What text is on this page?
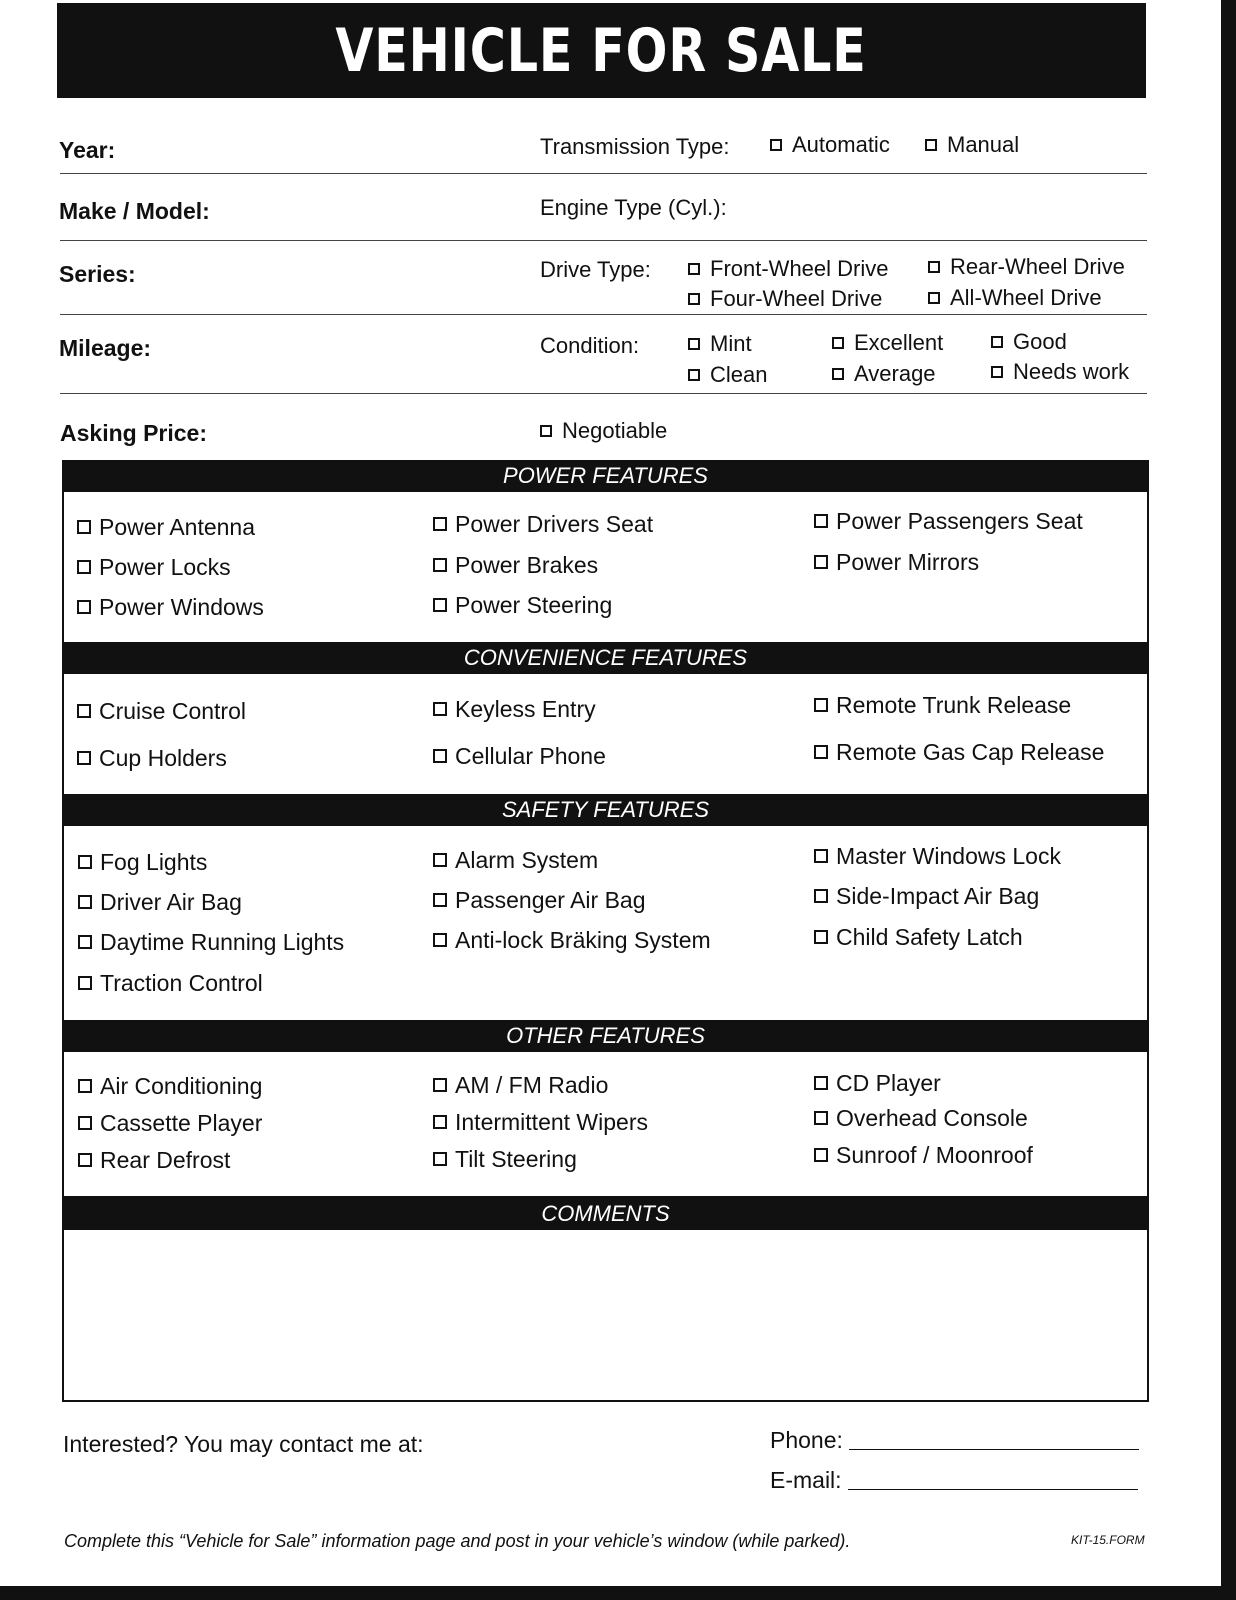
VEHICLE FOR SALE
Year:	Transmission Type:	Automatic	Manual
Make / Model:	Engine Type (Cyl.):
Series:	Drive Type:	Front-Wheel Drive	Rear-Wheel Drive
Four-Wheel Drive	All-Wheel Drive
Mileage:	Condition:	Mint	Excellent	Good
Clean	Average	Needs work
Asking Price:	Negotiable
POWER FEATURES
Power Antenna	Power Drivers Seat	Power Passengers Seat
Power Locks	Power Brakes	Power Mirrors
Power Windows	Power Steering
CONVENIENCE FEATURES
Cruise Control	Keyless Entry	Remote Trunk Release
Cup Holders	Cellular Phone	Remote Gas Cap Release
SAFETY FEATURES
Fog Lights	Alarm System	Master Windows Lock
Driver Air Bag	Passenger Air Bag	Side-Impact Air Bag
Daytime Running Lights	Anti-lock Bräking System	Child Safety Latch
Traction Control
OTHER FEATURES
Air Conditioning	AM / FM Radio	CD Player
Cassette Player	Intermittent Wipers	Overhead Console
Rear Defrost	Tilt Steering	Sunroof / Moonroof
COMMENTS
Interested? You may contact me at:	Phone:
E-mail:
Complete this “Vehicle for Sale” information page and post in your vehicle’s window (while parked).	KIT-15.FORM
